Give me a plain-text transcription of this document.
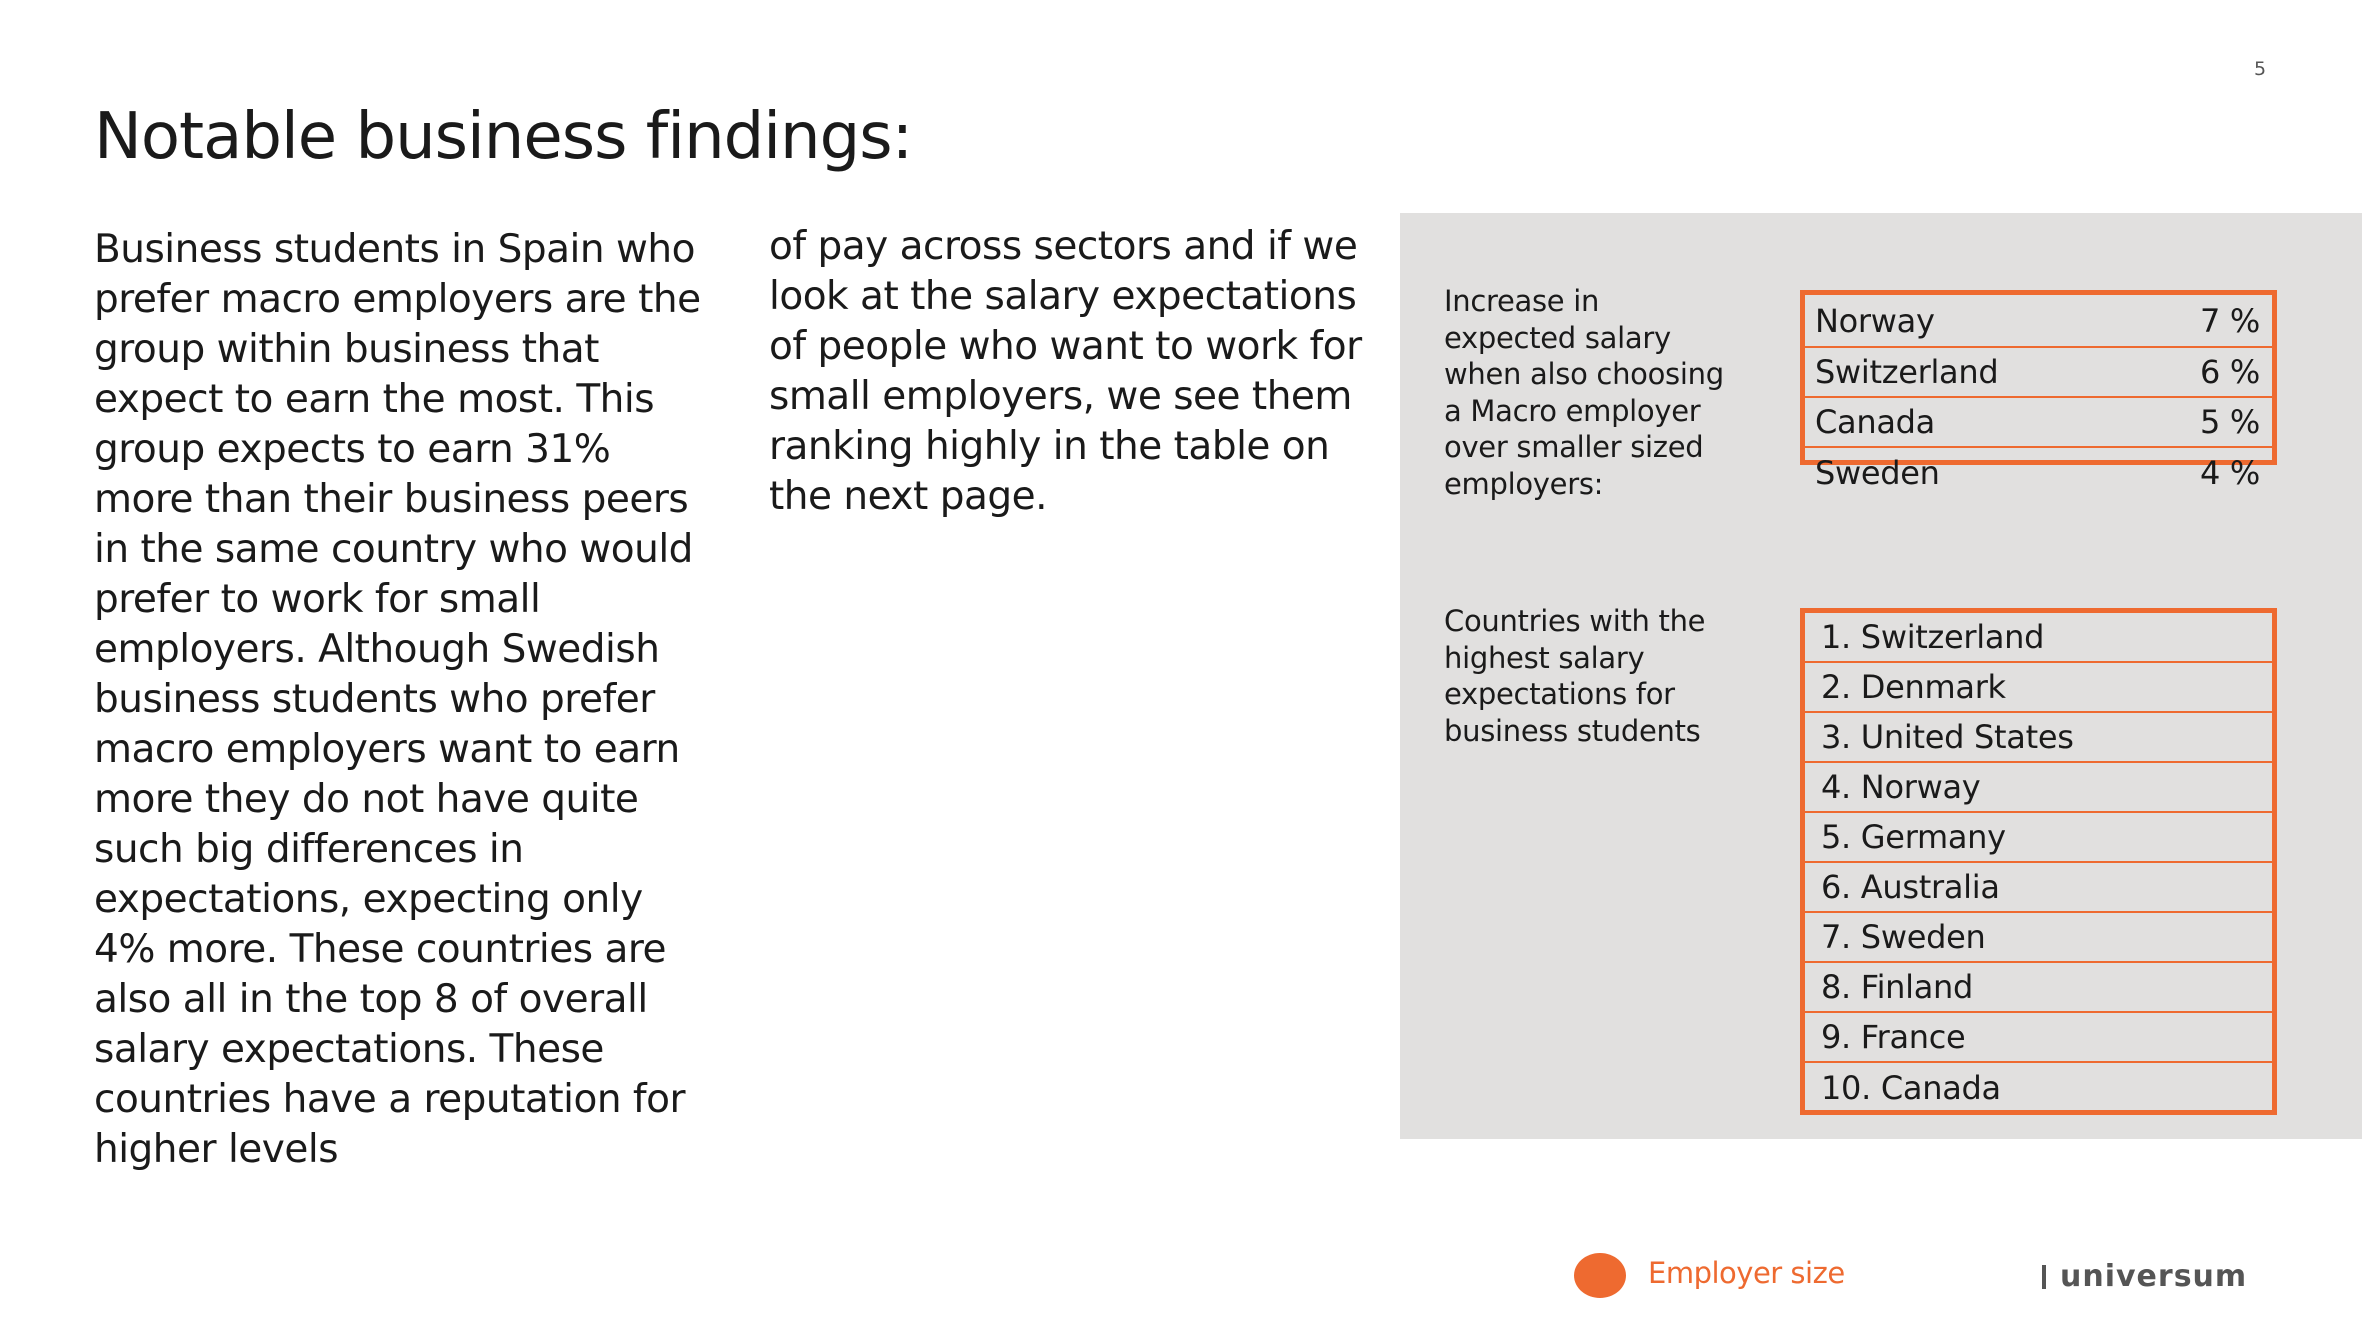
5
Notable business findings:

Business students in Spain who prefer macro employers are the group within business that expect to earn the most. This group expects to earn 31% more than their business peers in the same country who would prefer to work for small employers. Although Swedish business students who prefer macro employers want to earn more they do not have quite such big differences in expectations, expecting only 4% more. These countries are also all in the top 8 of overall salary expectations. These countries have a reputation for higher levels

of pay across sectors and if we look at the salary expectations of people who want to work for small employers, we see them ranking highly in the table on the next page.

Increase in expected salary when also choosing a Macro employer over smaller sized employers:
Norway	7 %
Switzerland	6 %
Canada	5 %
Sweden	4 %
Countries with the highest salary expectations for business students
1. Switzerland
2. Denmark
3. United States
4. Norway
5. Germany
6. Australia
7. Sweden
8. Finland
9. France
10. Canada
Employer size	universum
